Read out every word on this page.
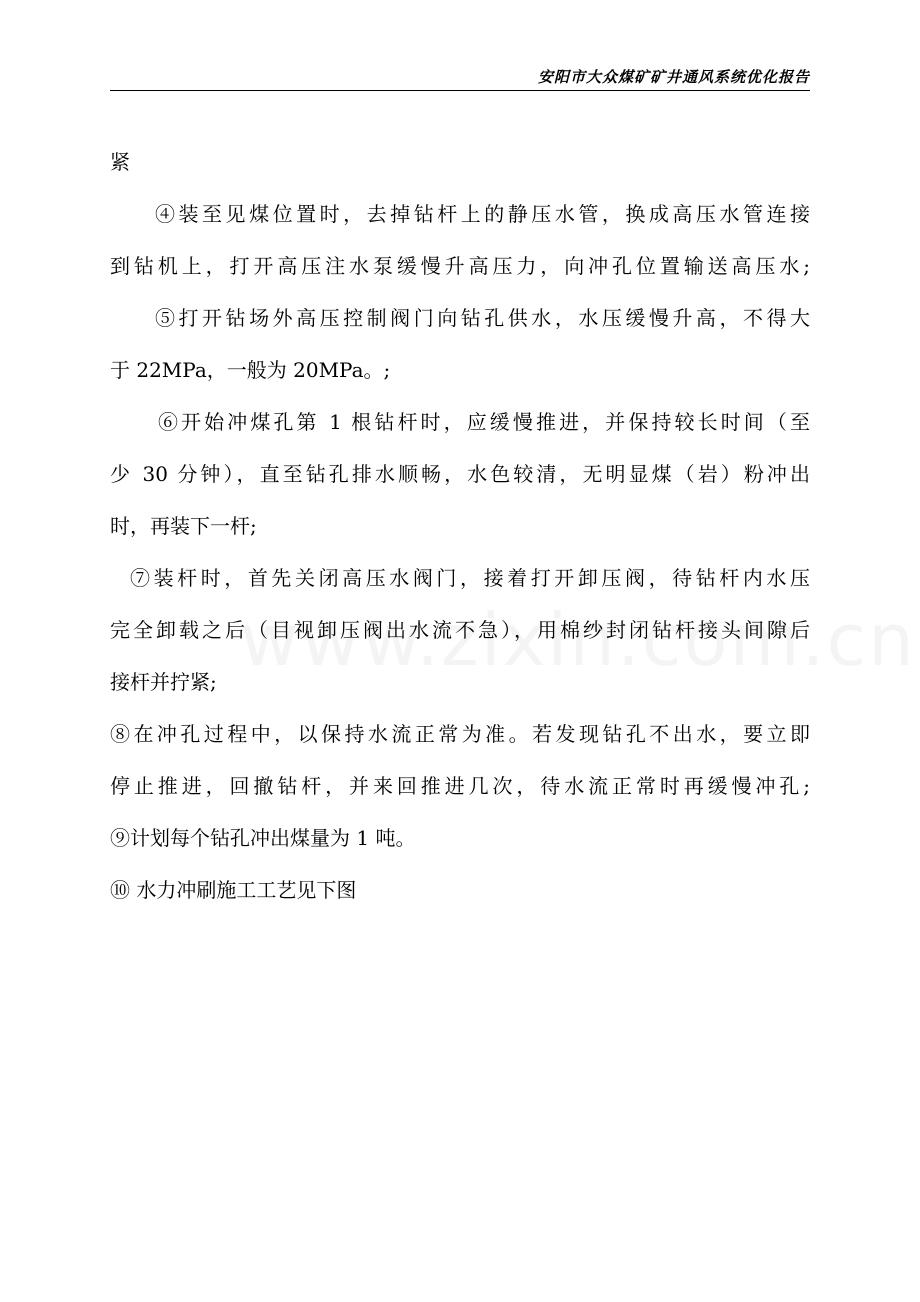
安阳市大众煤矿矿井通风系统优化报告
紧
④装至见煤位置时，去掉钻杆上的静压水管，换成高压水管连接
到钻机上，打开高压注水泵缓慢升高压力，向冲孔位置输送高压水;
⑤打开钻场外高压控制阀门向钻孔供水，水压缓慢升高，不得大
于 22MPa，一般为 20MPa。;
⑥开始冲煤孔第 1 根钻杆时，应缓慢推进，并保持较长时间（至
少 30 分钟），直至钻孔排水顺畅，水色较清，无明显煤（岩）粉冲出
时，再装下一杆;
⑦装杆时，首先关闭高压水阀门，接着打开卸压阀，待钻杆内水压
完全卸载之后（目视卸压阀出水流不急），用棉纱封闭钻杆接头间隙后
接杆并拧紧;
⑧在冲孔过程中，以保持水流正常为准。若发现钻孔不出水，要立即
停止推进，回撤钻杆，并来回推进几次，待水流正常时再缓慢冲孔;
⑨计划每个钻孔冲出煤量为 1 吨。
⑩ 水力冲刷施工工艺见下图
